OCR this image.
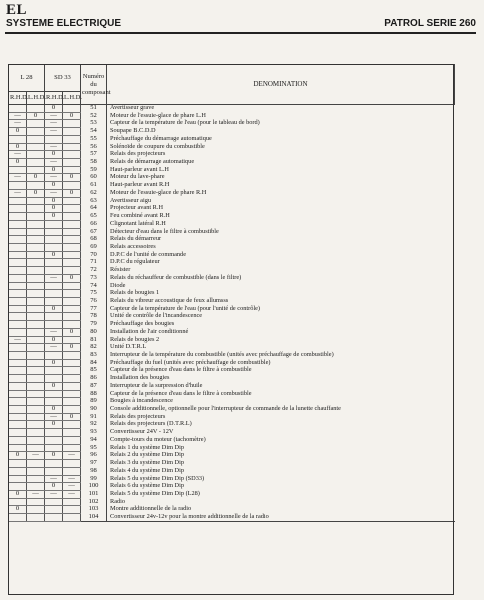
EL
SYSTEME ELECTRIQUE	PATROL SERIE 260
L 28		SD 33		Numéro du composant	DENOMINATION
R.H.D.	L.H.D.	R.H.D.	L.H.D.		
		0		51	Avertisseur grave
—	0	—	0	52	Moteur de l'essuie-glace de phare L.H
—		—		53	Capteur de la température de l'eau (pour le tableau de bord)
0		—		54	Soupape B.C.D.D
				55	Préchauffage du démarrage automatique
0		—		56	Solénoïde de coupure du combustible
—		0		57	Relais des projecteurs
0		—		58	Relais de démarrage automatique
		0		59	Haut-parleur avant L.H
—	0	—	0	60	Moteur du lave-phare
		0		61	Haut-parleur avant R.H
—	0	—	0	62	Moteur de l'essuie-glace de phare R.H
		0		63	Avertisseur aigu
		0		64	Projecteur avant R.H
		0		65	Feu combiné avant R.H
				66	Clignotant latéral R.H
				67	Détecteur d'eau dans le filtre à combustible
				68	Relais du démarreur
				69	Relais accessoires
		0		70	D.P.C de l'unité de commande
				71	D.P.C du régulateur
				72	Résister
		—	0	73	Relais du réchauffeur de combustible (dans le filtre)
				74	Diode
				75	Relais de bougies 1
				76	Relais du vibreur accoustique de feux allumsss
		0		77	Capteur de la température de l'eau (pour l'unité de contrôle)
				78	Unité de contrôle de l'incandescence
				79	Préchauffage des bougies
		—	0	80	Installation de l'air conditionné
—		0		81	Relais de bougies 2
		—	0	82	Unité D.T.R.L
				83	Interrupteur de la température du combustible (unités avec préchauffage de combustible)
		0		84	Préchauffage du fuel (unités avec préchauffage de combustible)
				85	Capteur de la présence d'eau dans le filtre à combustible
				86	Installation des bougies
		0		87	Interrupteur de la surpression d'huile
				88	Capteur de la présence d'eau dans le filtre à combustible
				89	Bougies à incandescence
		0		90	Console additionnelle, optionnelle pour l'interrupteur de commande de la lunette chauffante
		—	0	91	Relais des projecteurs
		0		92	Relais des projecteurs (D.T.R.L)
				93	Convertisseur 24V - 12V
				94	Compte-tours du moteur (tachomètre)
				95	Relais 1 du système Dim Dip
0	—	0	—	96	Relais 2 du système Dim Dip
				97	Relais 3 du système Dim Dip
				98	Relais 4 du système Dim Dip
		—	—	99	Relais 5 du système Dim Dip (SD33)
		0	—	100	Relais 6 du système Dim Dip
0	—	—	—	101	Relais 5 du système Dim Dip (L28)
				102	Radio
0				103	Montre additionnelle de la radio
				104	Convertisseur 24v-12v pour la montre additionnelle de la radio
